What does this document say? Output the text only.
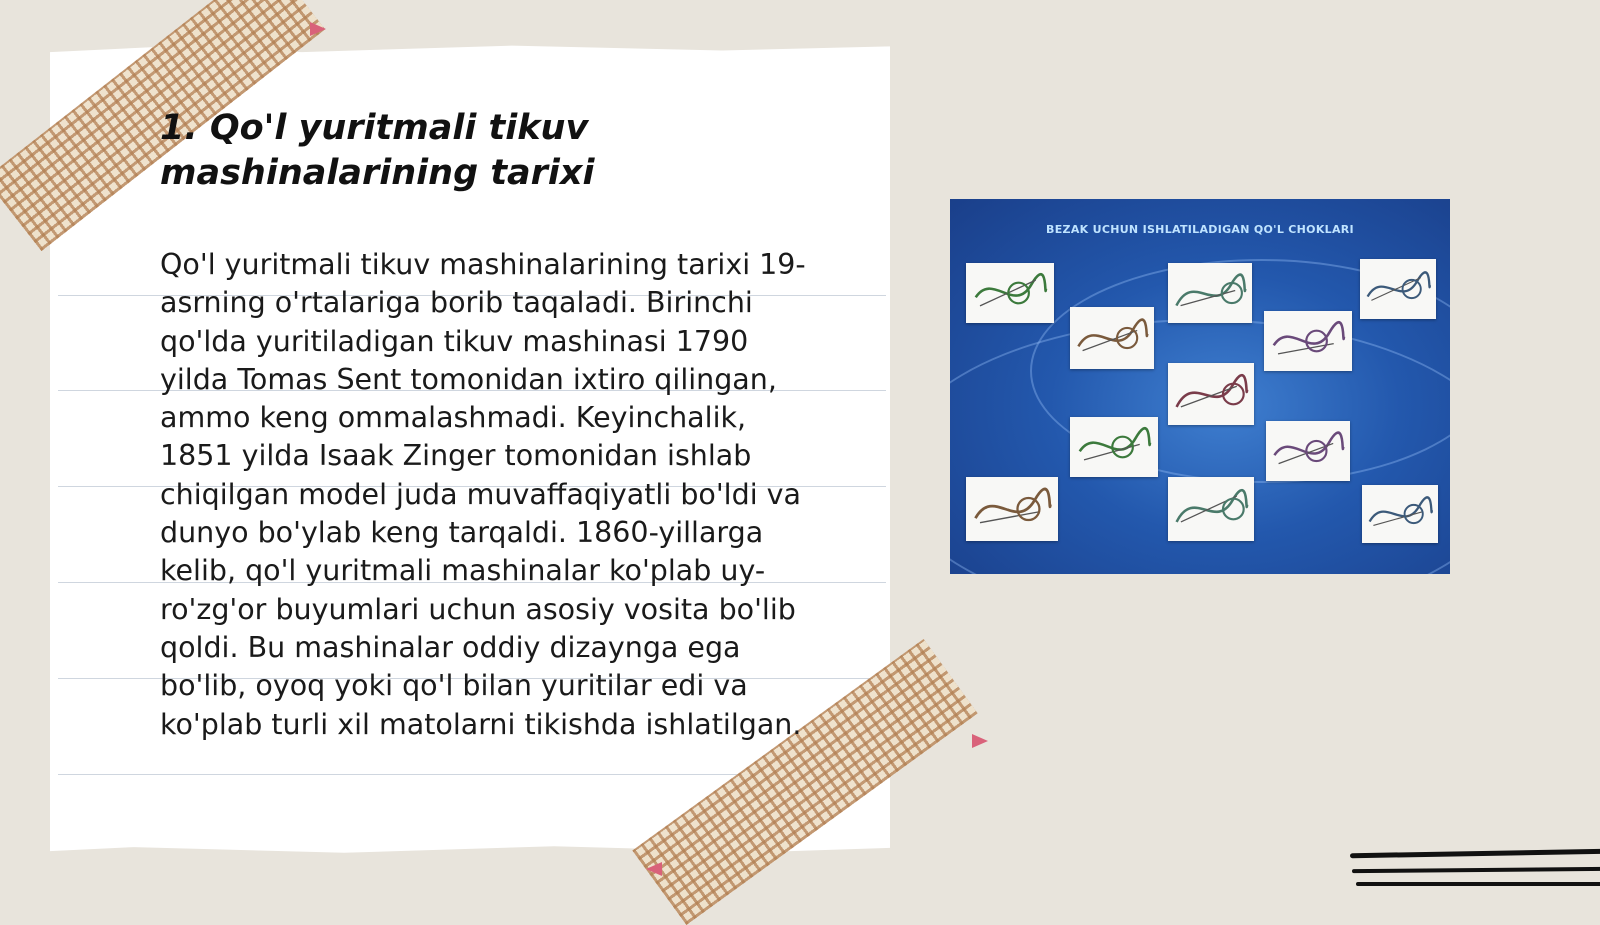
1. Qo'l yuritmali tikuv
mashinalarining tarixi

Qo'l yuritmali tikuv mashinalarining tarixi 19-
asrning o'rtalariga borib taqaladi. Birinchi
qo'lda yuritiladigan tikuv mashinasi 1790
yilda Tomas Sent tomonidan ixtiro qilingan,
ammo keng ommalashmadi. Keyinchalik,
1851 yilda Isaak Zinger tomonidan ishlab
chiqilgan model juda muvaffaqiyatli bo'ldi va
dunyo bo'ylab keng tarqaldi. 1860-yillarga
kelib, qo'l yuritmali mashinalar ko'plab uy-
ro'zg'or buyumlari uchun asosiy vosita bo'lib
qoldi. Bu mashinalar oddiy dizaynga ega
bo'lib, oyoq yoki qo'l bilan yuritilar edi va
ko'plab turli xil matolarni tikishda ishlatilgan.

BEZAK UCHUN ISHLATILADIGAN QO'L CHOKLARI
